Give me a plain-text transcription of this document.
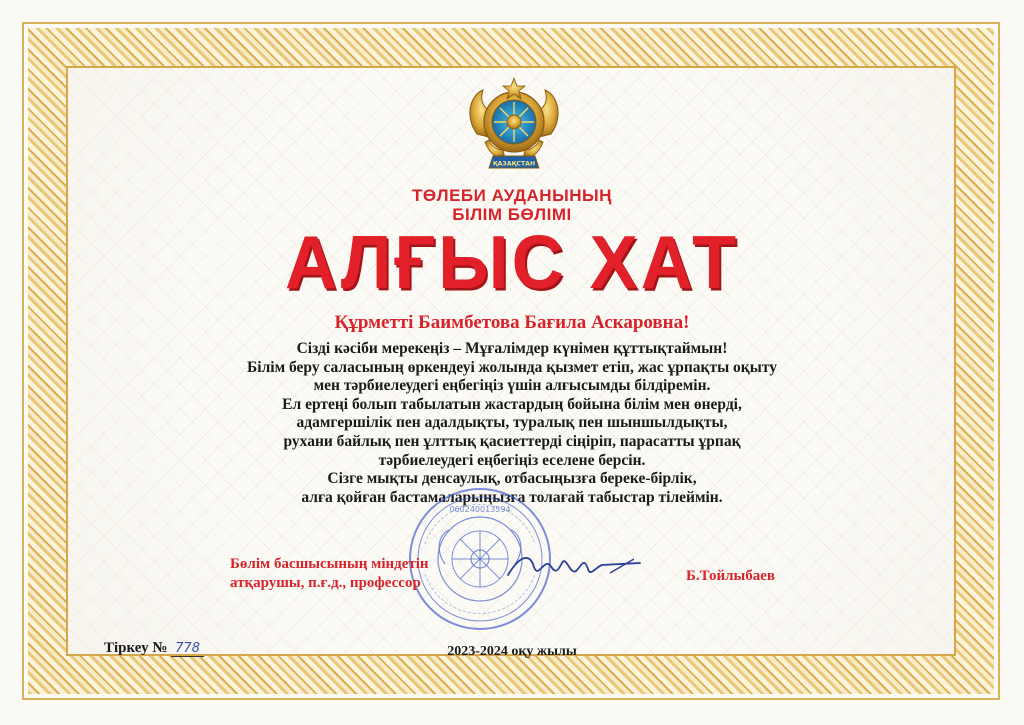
ҚАЗАҚСТАН
ТӨЛЕБИ АУДАНЫНЫҢ
БІЛІМ БӨЛІМІ
АЛҒЫС ХАТ
Құрметті Баимбетова Бағила Аскаровна!
Сізді кәсіби мерекеңіз – Мұғалімдер күнімен құттықтаймын!
Білім беру саласының өркендеуі жолында қызмет етіп, жас ұрпақты оқыту
мен тәрбиелеудегі еңбегіңіз үшін алғысымды білдіремін.
Ел ертеңі болып табылатын жастардың бойына білім мен өнерді,
адамгершілік пен адалдықты, туралық пен шыншылдықты,
рухани байлық пен ұлттық қасиеттерді сіңіріп, парасатты ұрпақ
тәрбиелеудегі еңбегіңіз еселене берсін.
Сізге мықты денсаулық, отбасыңызға береке-бірлік,
алға қойған бастамаларыңызға толағай табыстар тілеймін.
060240013594
Бөлім басшысының міндетін
атқарушы, п.ғ.д., профессор	Б.Тойлыбаев
Тіркеу № 778	2023-2024 оқу жылы
